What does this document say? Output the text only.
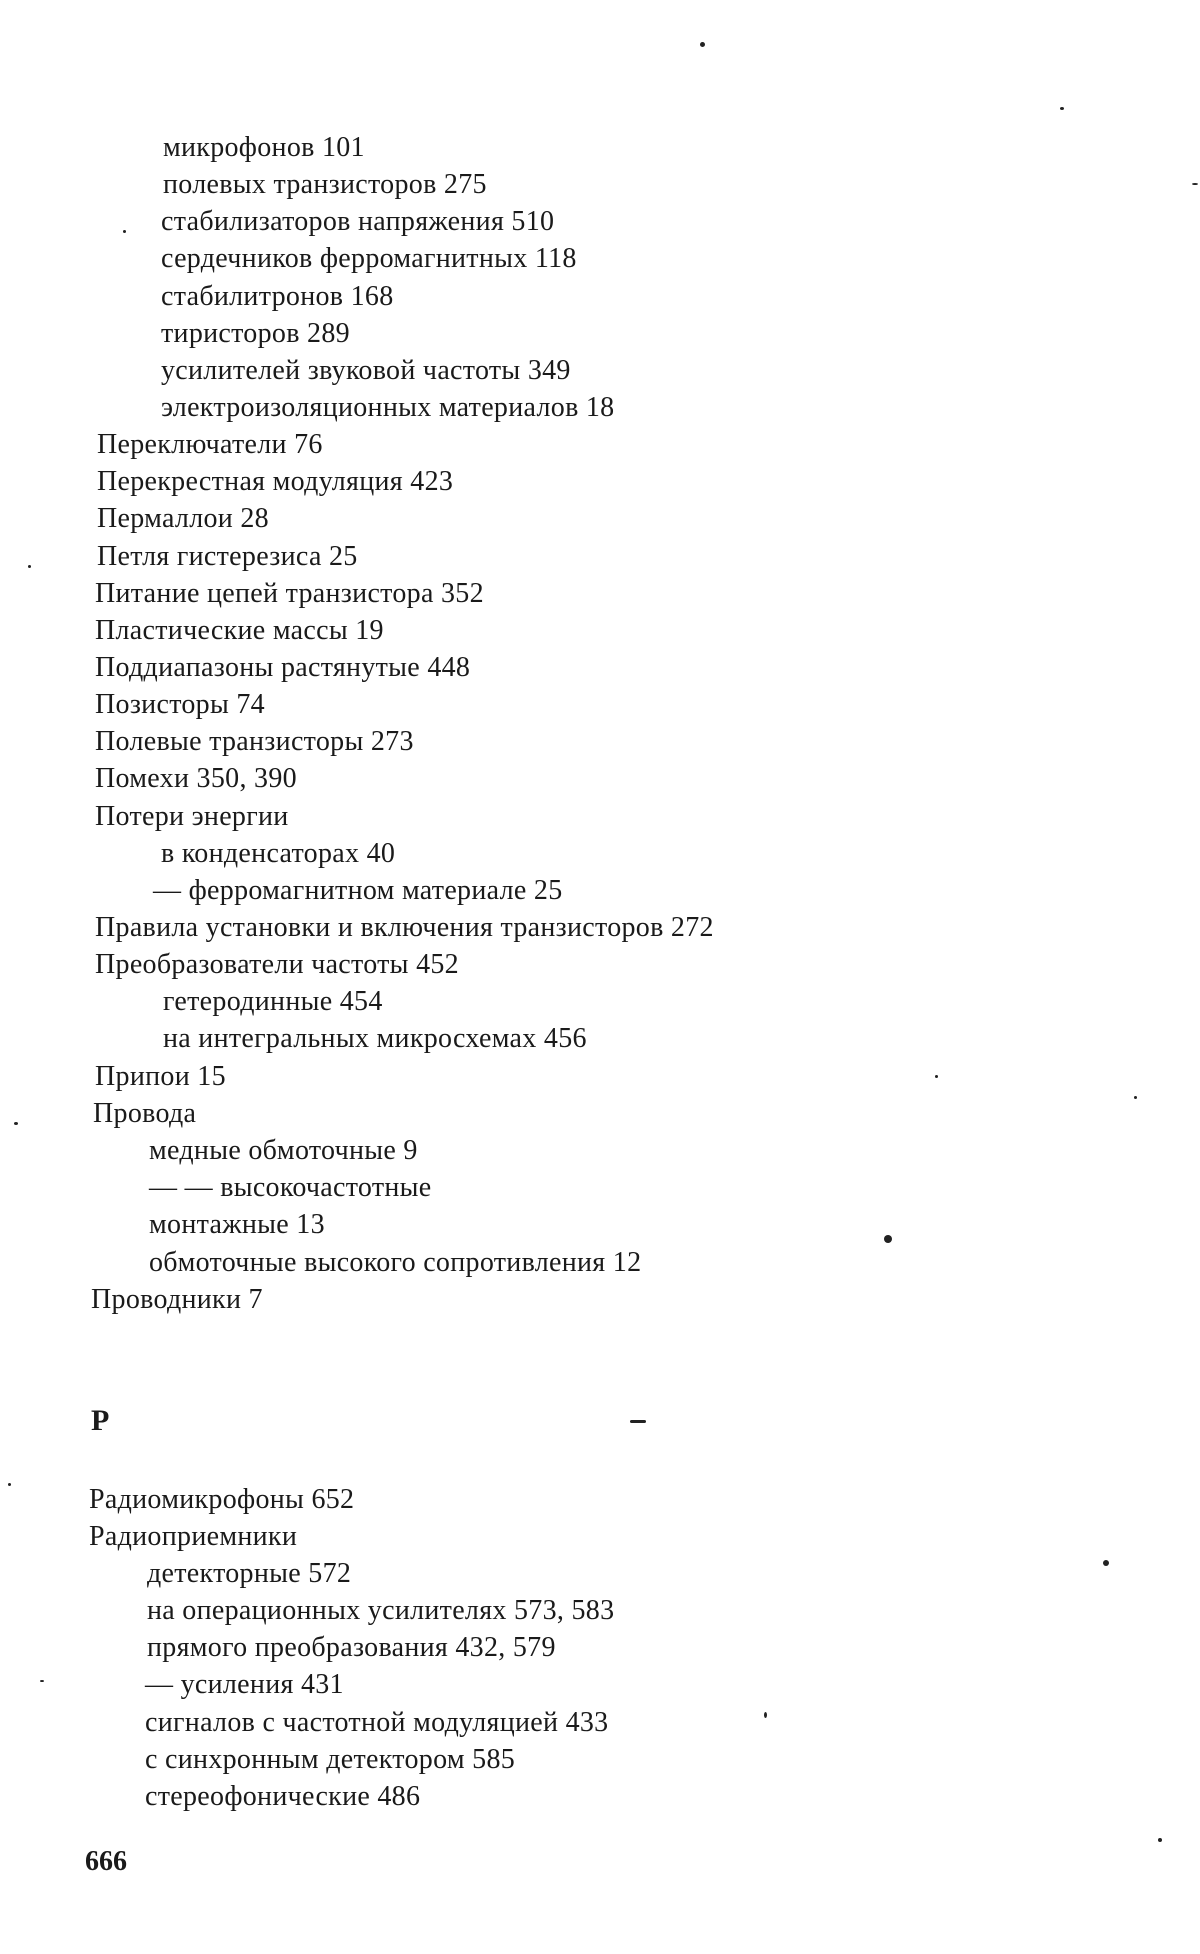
микрофонов 101
полевых транзисторов 275
стабилизаторов напряжения 510
сердечников ферромагнитных 118
стабилитронов 168
тиристоров 289
усилителей звуковой частоты 349
электроизоляционных материалов 18
Переключатели 76
Перекрестная модуляция 423
Пермаллои 28
Петля гистерезиса 25
Питание цепей транзистора 352
Пластические массы 19
Поддиапазоны растянутые 448
Позисторы 74
Полевые транзисторы 273
Помехи 350, 390
Потери энергии
в конденсаторах 40
— ферромагнитном материале 25
Правила установки и включения транзисторов 272
Преобразователи частоты 452
гетеродинные 454
на интегральных микросхемах 456
Припои 15
Провода
медные обмоточные 9
— — высокочастотные
монтажные 13
обмоточные высокого сопротивления 12
Проводники 7
Р
Радиомикрофоны 652
Радиоприемники
детекторные 572
на операционных усилителях 573, 583
прямого преобразования 432, 579
— усиления 431
сигналов с частотной модуляцией 433
с синхронным детектором 585
стереофонические 486
666
